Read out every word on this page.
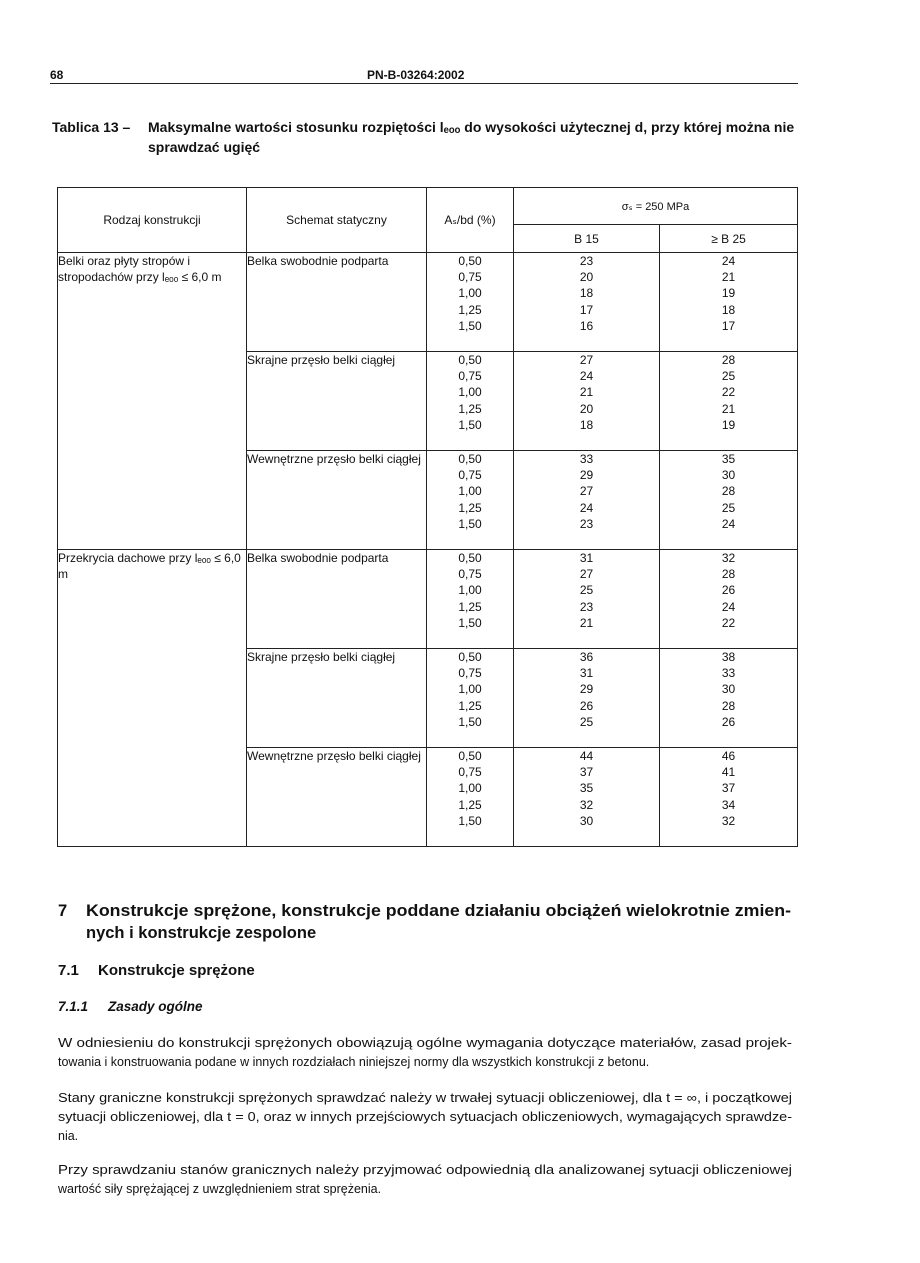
68	PN-B-03264:2002
Tablica 13 – Maksymalne wartości stosunku rozpiętości lₑₒₒ do wysokości użytecznej d, przy której można nie sprawdzać ugięć
Rodzaj konstrukcji	Schemat statyczny	Aₛ/bd (%)	σₛ = 250 MPa	
			B 15	≥ B 25
Belki oraz płyty stropów i stropodachów przy lₑₒₒ ≤ 6,0 m	Belka swobodnie podparta	0,50
0,75
1,00
1,25
1,50	23
20
18
17
16	24
21
19
18
17

	Skrajne przęsło belki ciągłej	0,50
0,75
1,00
1,25
1,50	27
24
21
20
18	28
25
22
21
19

	Wewnętrzne przęsło belki ciągłej	0,50
0,75
1,00
1,25
1,50	33
29
27
24
23	35
30
28
25
24

Przekrycia dachowe przy lₑₒₒ ≤ 6,0 m	Belka swobodnie podparta	0,50
0,75
1,00
1,25
1,50	31
27
25
23
21	32
28
26
24
22

	Skrajne przęsło belki ciągłej	0,50
0,75
1,00
1,25
1,50	36
31
29
26
25	38
33
30
28
26

	Wewnętrzne przęsło belki ciągłej	0,50
0,75
1,00
1,25
1,50	44
37
35
32
30	46
41
37
34
32
7 Konstrukcje sprężone, konstrukcje poddane działaniu obciążeń wielokrotnie zmien-
nych i konstrukcje zespolone
7.1 Konstrukcje sprężone
7.1.1 Zasady ogólne
W odniesieniu do konstrukcji sprężonych obowiązują ogólne wymagania dotyczące materiałów, zasad projek-
towania i konstruowania podane w innych rozdziałach niniejszej normy dla wszystkich konstrukcji z betonu.
Stany graniczne konstrukcji sprężonych sprawdzać należy w trwałej sytuacji obliczeniowej, dla t = ∞, i początkowej
sytuacji obliczeniowej, dla t = 0, oraz w innych przejściowych sytuacjach obliczeniowych, wymagających sprawdze-
nia.
Przy sprawdzaniu stanów granicznych należy przyjmować odpowiednią dla analizowanej sytuacji obliczeniowej
wartość siły sprężającej z uwzględnieniem strat sprężenia.
